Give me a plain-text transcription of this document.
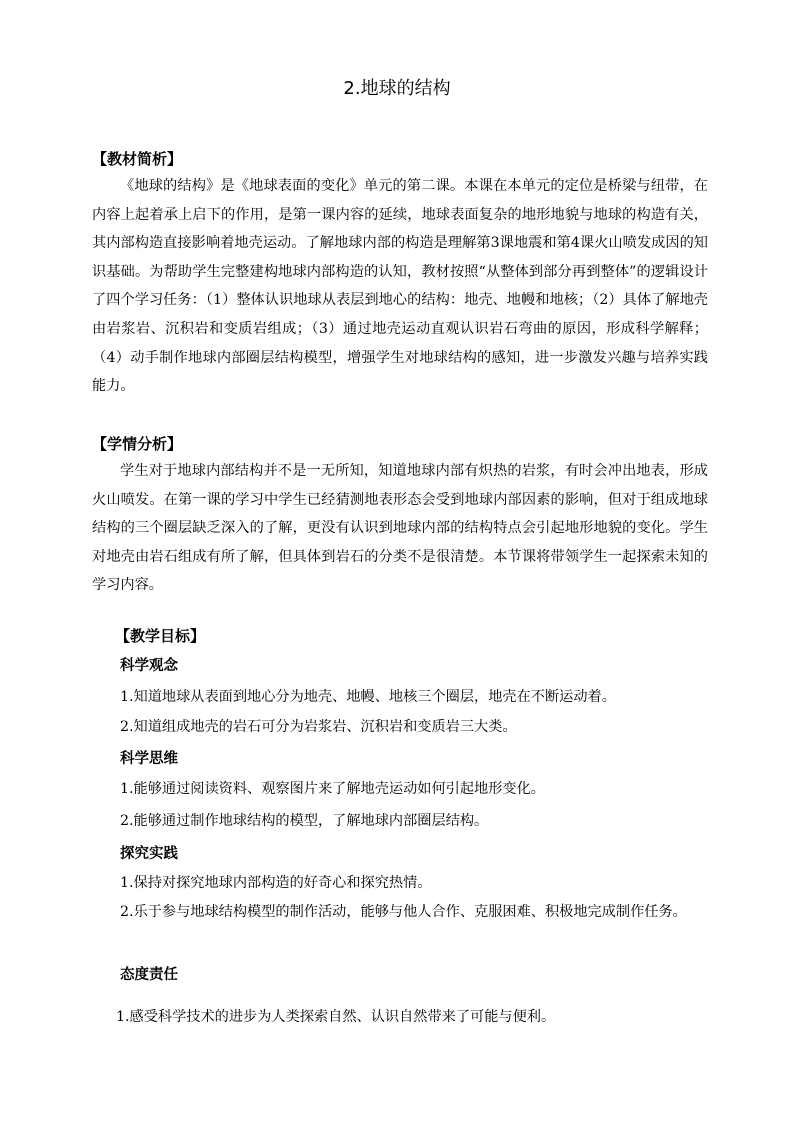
2.地球的结构
【教材简析】
《地球的结构》是《地球表面的变化》单元的第二课。本课在本单元的定位是桥梁与纽带，在内容上起着承上启下的作用，是第一课内容的延续，地球表面复杂的地形地貌与地球的构造有关，其内部构造直接影响着地壳运动。了解地球内部的构造是理解第3课地震和第4课火山喷发成因的知识基础。为帮助学生完整建构地球内部构造的认知，教材按照“从整体到部分再到整体”的逻辑设计了四个学习任务：（1）整体认识地球从表层到地心的结构：地壳、地幔和地核；（2）具体了解地壳由岩浆岩、沉积岩和变质岩组成；（3）通过地壳运动直观认识岩石弯曲的原因，形成科学解释；（4）动手制作地球内部圈层结构模型，增强学生对地球结构的感知，进一步激发兴趣与培养实践能力。
【学情分析】
学生对于地球内部结构并不是一无所知，知道地球内部有炽热的岩浆，有时会冲出地表，形成火山喷发。在第一课的学习中学生已经猜测地表形态会受到地球内部因素的影响，但对于组成地球结构的三个圈层缺乏深入的了解，更没有认识到地球内部的结构特点会引起地形地貌的变化。学生对地壳由岩石组成有所了解，但具体到岩石的分类不是很清楚。本节课将带领学生一起探索未知的学习内容。
【教学目标】
科学观念
1.知道地球从表面到地心分为地壳、地幔、地核三个圈层，地壳在不断运动着。
2.知道组成地壳的岩石可分为岩浆岩、沉积岩和变质岩三大类。
科学思维
1.能够通过阅读资料、观察图片来了解地壳运动如何引起地形变化。
2.能够通过制作地球结构的模型，了解地球内部圈层结构。
探究实践
1.保持对探究地球内部构造的好奇心和探究热情。
2.乐于参与地球结构模型的制作活动，能够与他人合作、克服困难、积极地完成制作任务。
态度责任
1.感受科学技术的进步为人类探索自然、认识自然带来了可能与便利。
